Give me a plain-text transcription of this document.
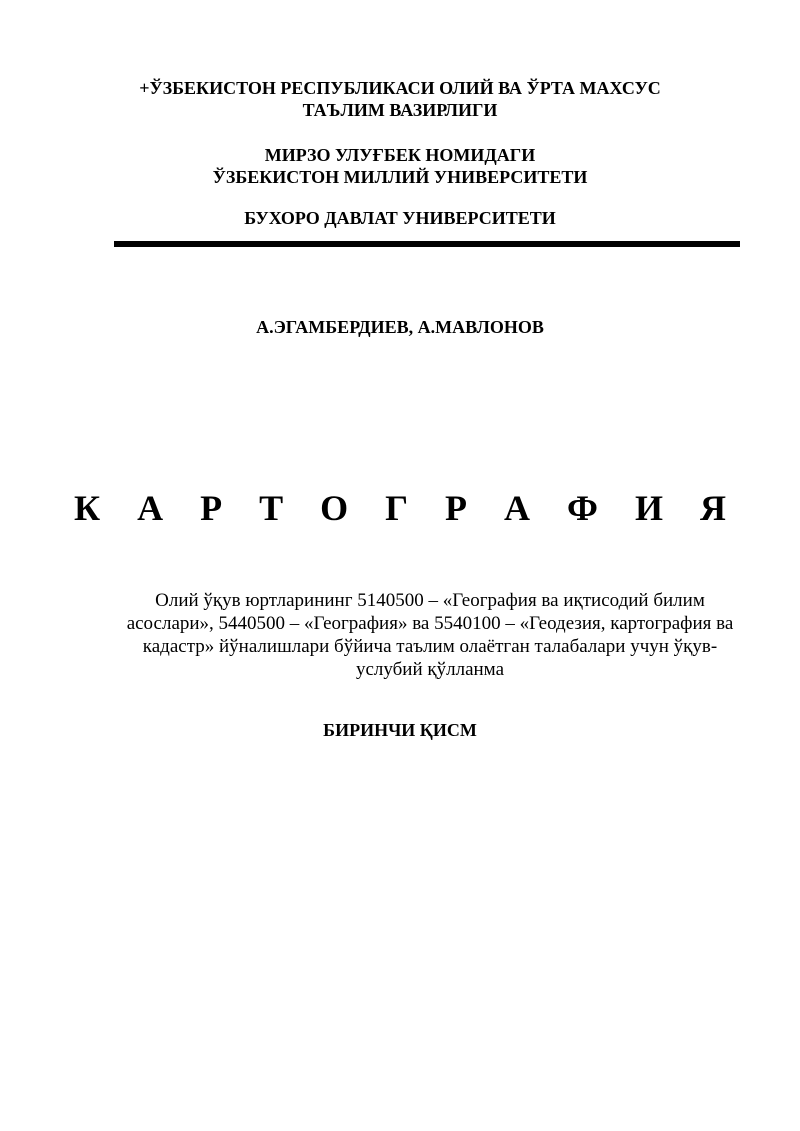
+ЎЗБЕКИСТОН РЕСПУБЛИКАСИ ОЛИЙ ВА ЎРТА МАХСУС
ТАЪЛИМ ВАЗИРЛИГИ
МИРЗО УЛУҒБЕК НОМИДАГИ
ЎЗБЕКИСТОН МИЛЛИЙ УНИВЕРСИТЕТИ
БУХОРО ДАВЛАТ УНИВЕРСИТЕТИ
А.ЭГАМБЕРДИЕВ, А.МАВЛОНОВ
К А Р Т О Г Р А Ф И Я
Олий ўқув юртларининг 5140500 – «География ва иқтисодий билим
асослари», 5440500 – «География» ва 5540100 – «Геодезия, картография ва
кадастр» йўналишлари бўйича таълим олаётган талабалари учун ўқув-
услубий қўлланма
БИРИНЧИ ҚИСМ
